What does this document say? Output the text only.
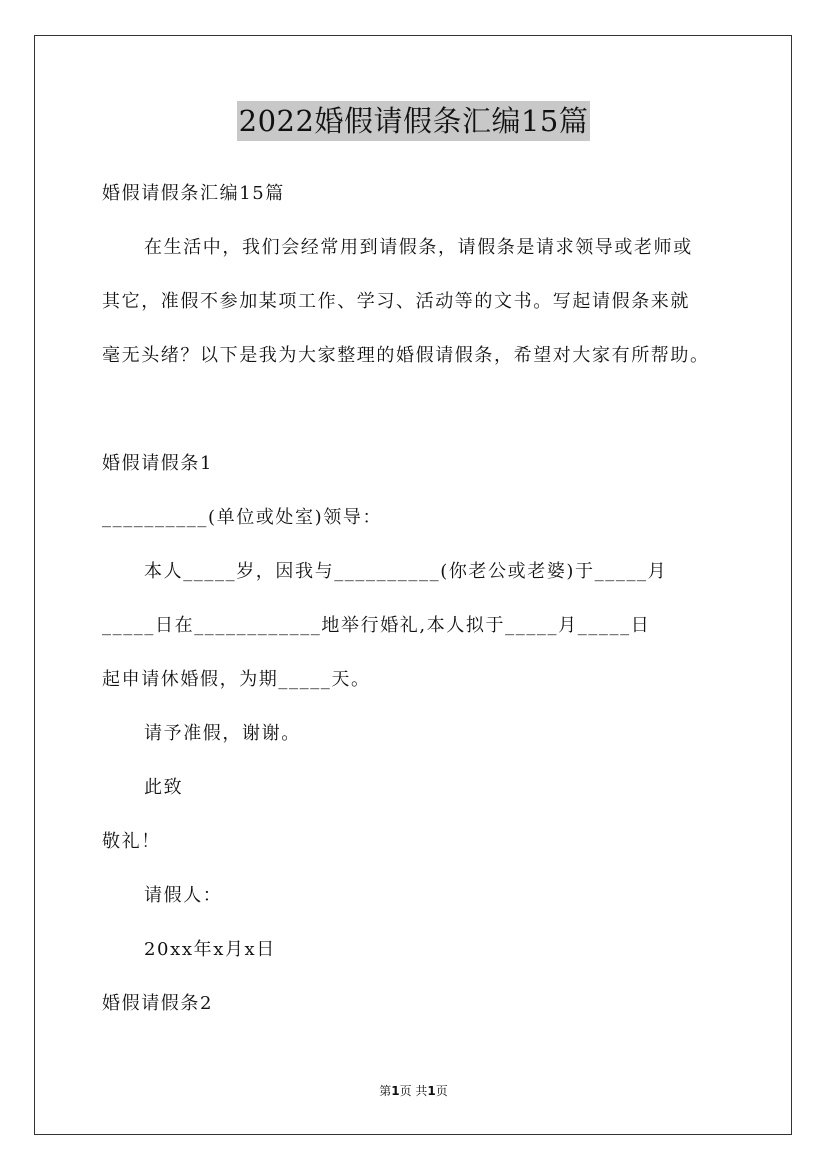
2022婚假请假条汇编15篇
婚假请假条汇编15篇
在生活中，我们会经常用到请假条，请假条是请求领导或老师或
其它，准假不参加某项工作、学习、活动等的文书。写起请假条来就
毫无头绪？以下是我为大家整理的婚假请假条，希望对大家有所帮助。
婚假请假条1
__________(单位或处室)领导：
本人_____岁，因我与__________(你老公或老婆)于_____月
_____日在____________地举行婚礼,本人拟于_____月_____日
起申请休婚假，为期_____天。
请予准假，谢谢。
此致
敬礼！
请假人：
20xx年x月x日
婚假请假条2
第1页 共1页
